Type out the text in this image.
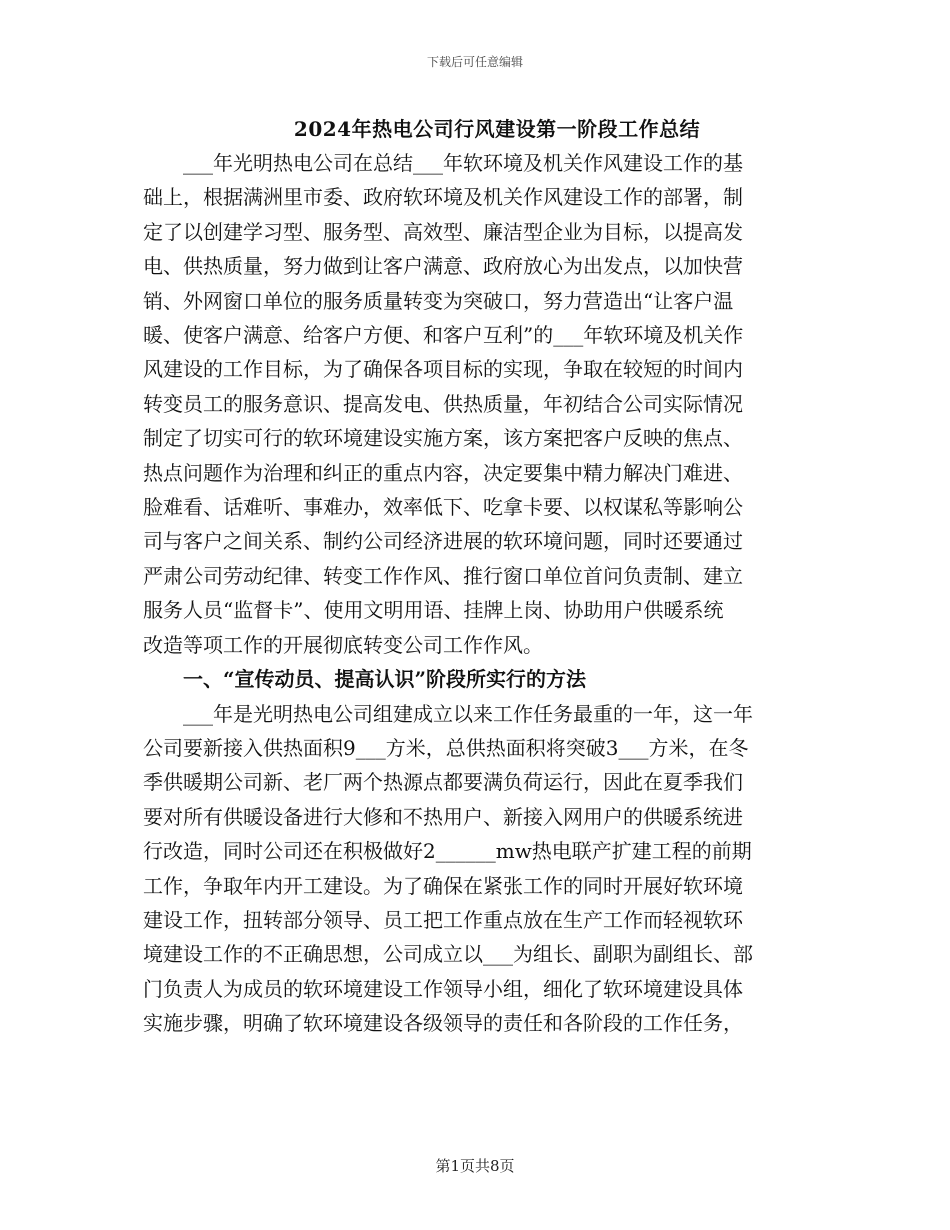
下载后可任意编辑
2024年热电公司行风建设第一阶段工作总结
___年光明热电公司在总结___年软环境及机关作风建设工作的基
础上，根据满洲里市委、政府软环境及机关作风建设工作的部署，制
定了以创建学习型、服务型、高效型、廉洁型企业为目标，以提高发
电、供热质量，努力做到让客户满意、政府放心为出发点，以加快营
销、外网窗口单位的服务质量转变为突破口，努力营造出“让客户温
暖、使客户满意、给客户方便、和客户互利”的___年软环境及机关作
风建设的工作目标，为了确保各项目标的实现，争取在较短的时间内
转变员工的服务意识、提高发电、供热质量，年初结合公司实际情况
制定了切实可行的软环境建设实施方案，该方案把客户反映的焦点、
热点问题作为治理和纠正的重点内容，决定要集中精力解决门难进、
脸难看、话难听、事难办，效率低下、吃拿卡要、以权谋私等影响公
司与客户之间关系、制约公司经济进展的软环境问题，同时还要通过
严肃公司劳动纪律、转变工作作风、推行窗口单位首问负责制、建立
服务人员“监督卡”、使用文明用语、挂牌上岗、协助用户供暖系统
改造等项工作的开展彻底转变公司工作作风。
一、“宣传动员、提高认识”阶段所实行的方法
___年是光明热电公司组建成立以来工作任务最重的一年，这一年
公司要新接入供热面积9___方米，总供热面积将突破3___方米，在冬
季供暖期公司新、老厂两个热源点都要满负荷运行，因此在夏季我们
要对所有供暖设备进行大修和不热用户、新接入网用户的供暖系统进
行改造，同时公司还在积极做好2______mw热电联产扩建工程的前期
工作，争取年内开工建设。为了确保在紧张工作的同时开展好软环境
建设工作，扭转部分领导、员工把工作重点放在生产工作而轻视软环
境建设工作的不正确思想，公司成立以___为组长、副职为副组长、部
门负责人为成员的软环境建设工作领导小组，细化了软环境建设具体
实施步骤，明确了软环境建设各级领导的责任和各阶段的工作任务，
第1页共8页
